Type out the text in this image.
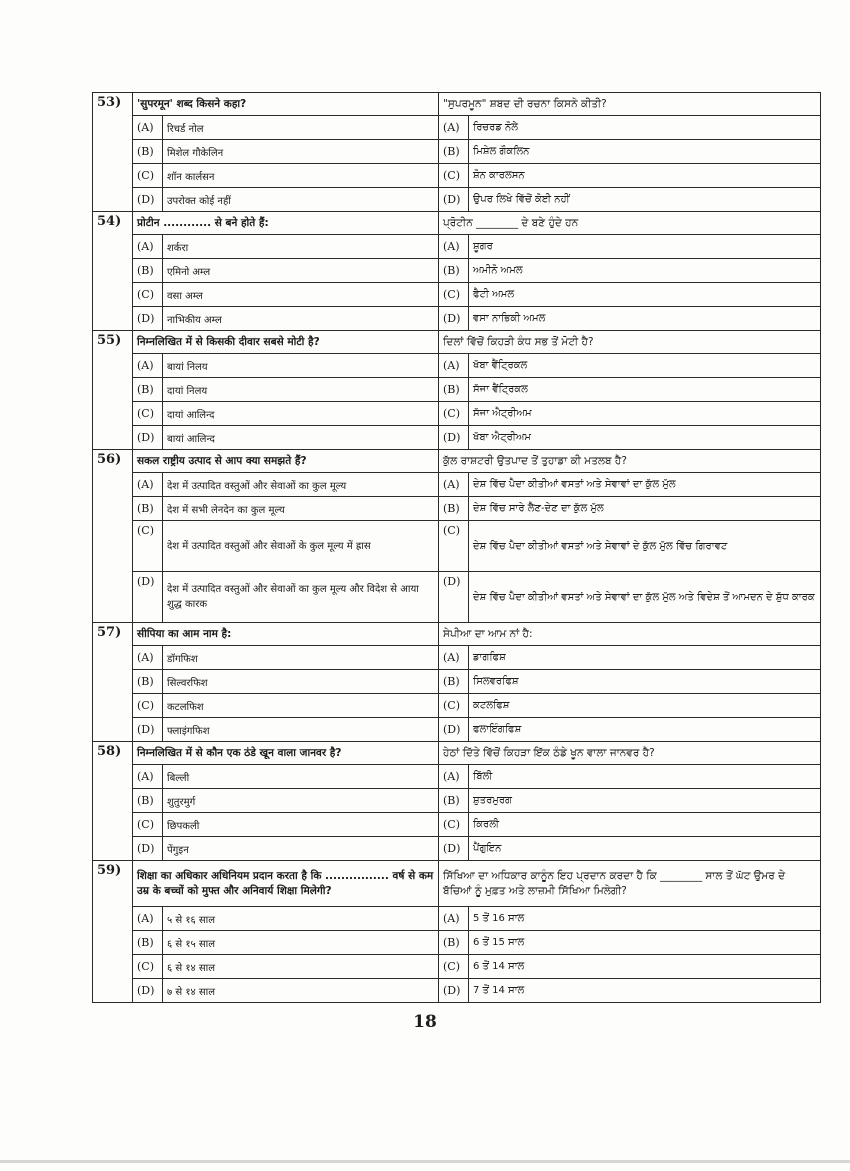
53)	'सुपरमून' शब्द किसने कहा?		"ਸੁਪਰਮੂਨ" ਸ਼ਬਦ ਦੀ ਰਚਨਾ ਕਿਸਨੇ ਕੀਤੀ?	
	(A)	रिचर्ड नोल	(A)	ਰਿਚਰਡ ਨੋਲੇ
	(B)	मिशेल गौकेलिन	(B)	ਮਿਸ਼ੇਲ ਗੌਕਲਿਨ
	(C)	शॉन कार्लसन	(C)	ਸ਼ੋਨ ਕਾਰਲਸਨ
	(D)	उपरोक्त कोई नहीं	(D)	ਉਪਰ ਲਿਖੇ ਵਿੱਚੋਂ ਕੋਈ ਨਹੀਂ
54)	प्रोटीन ............ से बने होते हैं:		ਪ੍ਰੋਟੀਨ ________ ਦੇ ਬਣੇ ਹੁੰਦੇ ਹਨ	
	(A)	शर्करा	(A)	ਸ਼ੂਗਰ
	(B)	एमिनो अम्ल	(B)	ਅਮੀਨੋ ਅਮਲ
	(C)	वसा अम्ल	(C)	ਫੈਟੀ ਅਮਲ
	(D)	नाभिकीय अम्ल	(D)	ਵਸਾ ਨਾਭਿਕੀ ਅਮਲ
55)	निम्नलिखित में से किसकी दीवार सबसे मोटी है?		ਦਿਲਾਂ ਵਿੱਚੋਂ ਕਿਹੜੀ ਕੰਧ ਸਭ ਤੋਂ ਮੋਟੀ ਹੈ?	
	(A)	बायां निलय	(A)	ਖੱਬਾ ਵੈਂਟ੍ਰਿਕਲ
	(B)	दायां निलय	(B)	ਸੱਜਾ ਵੈਂਟ੍ਰਿਕਲ
	(C)	दायां आलिन्द	(C)	ਸੱਜਾ ਐਟ੍ਰੀਅਮ
	(D)	बायां आलिन्द	(D)	ਖੱਬਾ ਐਟ੍ਰੀਅਮ
56)	सकल राष्ट्रीय उत्पाद से आप क्या समझते हैं?		ਕੁੱਲ ਰਾਸ਼ਟਰੀ ਉਤਪਾਦ ਤੋਂ ਤੁਹਾਡਾ ਕੀ ਮਤਲਬ ਹੈ?	
	(A)	देश में उत्पादित वस्तुओं और सेवाओं का कुल मूल्य	(A)	ਦੇਸ਼ ਵਿੱਚ ਪੈਦਾ ਕੀਤੀਆਂ ਵਸਤਾਂ ਅਤੇ ਸੇਵਾਵਾਂ ਦਾ ਕੁੱਲ ਮੁੱਲ
	(B)	देश में सभी लेनदेन का कुल मूल्य	(B)	ਦੇਸ਼ ਵਿੱਚ ਸਾਰੇ ਲੈਣ-ਦੇਣ ਦਾ ਕੁੱਲ ਮੁੱਲ
	(C)	देश में उत्पादित वस्तुओं और सेवाओं के कुल मूल्य में ह्रास	(C)	ਦੇਸ਼ ਵਿੱਚ ਪੈਦਾ ਕੀਤੀਆਂ ਵਸਤਾਂ ਅਤੇ ਸੇਵਾਵਾਂ ਦੇ ਕੁੱਲ ਮੁੱਲ ਵਿੱਚ ਗਿਰਾਵਟ
	(D)	देश में उत्पादित वस्तुओं और सेवाओं का कुल मूल्य और विदेश से आया शुद्ध कारक	(D)	ਦੇਸ਼ ਵਿੱਚ ਪੈਦਾ ਕੀਤੀਆਂ ਵਸਤਾਂ ਅਤੇ ਸੇਵਾਵਾਂ ਦਾ ਕੁੱਲ ਮੁੱਲ ਅਤੇ ਵਿਦੇਸ਼ ਤੋਂ ਆਮਦਨ ਦੇ ਸ਼ੁੱਧ ਕਾਰਕ
57)	सीपिया का आम नाम है:		ਸੇਪੀਆ ਦਾ ਆਮ ਨਾਂ ਹੈ:	
	(A)	डॉगफिश	(A)	ਡਾਗਫਿਸ਼
	(B)	सिल्वरफिश	(B)	ਸਿਲਵਰਫਿਸ਼
	(C)	कटलफिश	(C)	ਕਟਲਫਿਸ਼
	(D)	फ्लाइंगफिश	(D)	ਫਲਾਇੰਗਫਿਸ਼
58)	निम्नलिखित में से कौन एक ठंडे खून वाला जानवर है?		ਹੇਠਾਂ ਦਿੱਤੇ ਵਿੱਚੋਂ ਕਿਹੜਾ ਇੱਕ ਠੰਡੇ ਖੂਨ ਵਾਲਾ ਜਾਨਵਰ ਹੈ?	
	(A)	बिल्ली	(A)	ਬਿੱਲੀ
	(B)	शुतुरमुर्ग	(B)	ਸ਼ੁਤਰਮੁਰਗ
	(C)	छिपकली	(C)	ਕਿਰਲੀ
	(D)	पेंगुइन	(D)	ਪੈਂਗੁਇਨ
59)	शिक्षा का अधिकार अधिनियम प्रदान करता है कि ................ वर्ष से कम उम्र के बच्चों को मुफ्त और अनिवार्य शिक्षा मिलेगी?		ਸਿੱਖਿਆ ਦਾ ਅਧਿਕਾਰ ਕਾਨੂੰਨ ਇਹ ਪ੍ਰਦਾਨ ਕਰਦਾ ਹੈ ਕਿ ________ ਸਾਲ ਤੋਂ ਘੱਟ ਉਮਰ ਦੇ ਬੱਚਿਆਂ ਨੂੰ ਮੁਫ਼ਤ ਅਤੇ ਲਾਜ਼ਮੀ ਸਿੱਖਿਆ ਮਿਲੇਗੀ?	
	(A)	५ से १६ साल	(A)	5 ਤੋਂ 16 ਸਾਲ
	(B)	६ से १५ साल	(B)	6 ਤੋਂ 15 ਸਾਲ
	(C)	६ से १४ साल	(C)	6 ਤੋਂ 14 ਸਾਲ
	(D)	७ से १४ साल	(D)	7 ਤੋਂ 14 ਸਾਲ
18
